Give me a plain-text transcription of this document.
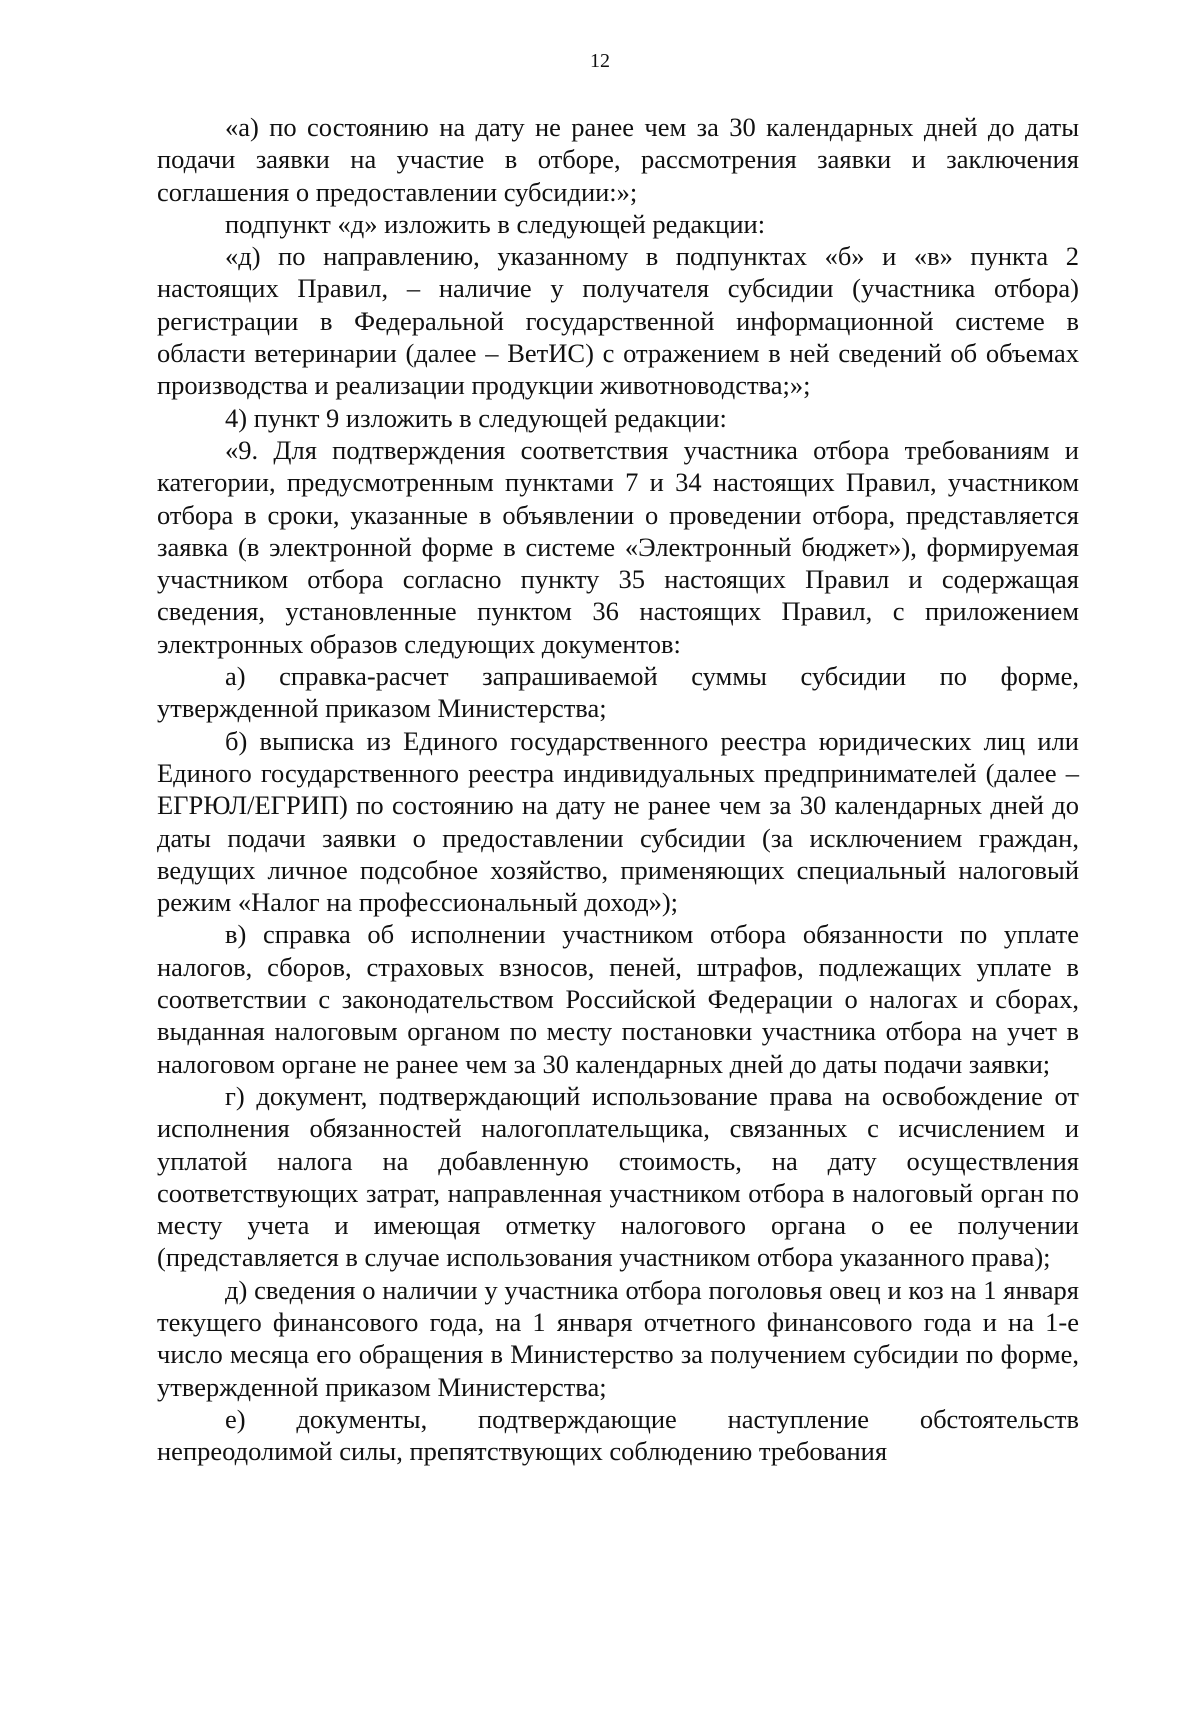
12

«а) по состоянию на дату не ранее чем за 30 календарных дней до даты подачи заявки на участие в отборе, рассмотрения заявки и заключения соглашения о предоставлении субсидии:»;

подпункт «д» изложить в следующей редакции:

«д) по направлению, указанному в подпунктах «б» и «в» пункта 2 настоящих Правил, – наличие у получателя субсидии (участника отбора) регистрации в Федеральной государственной информационной системе в области ветеринарии (далее – ВетИС) с отражением в ней сведений об объемах производства и реализации продукции животноводства;»;

4) пункт 9 изложить в следующей редакции:

«9. Для подтверждения соответствия участника отбора требованиям и категории, предусмотренным пунктами 7 и 34 настоящих Правил, участником отбора в сроки, указанные в объявлении о проведении отбора, представляется заявка (в электронной форме в системе «Электронный бюджет»), формируемая участником отбора согласно пункту 35 настоящих Правил и содержащая сведения, установленные пунктом 36 настоящих Правил, с приложением электронных образов следующих документов:

а) справка-расчет запрашиваемой суммы субсидии по форме, утвержденной приказом Министерства;

б) выписка из Единого государственного реестра юридических лиц или Единого государственного реестра индивидуальных предпринимателей (далее – ЕГРЮЛ/ЕГРИП) по состоянию на дату не ранее чем за 30 календарных дней до даты подачи заявки о предоставлении субсидии (за исключением граждан, ведущих личное подсобное хозяйство, применяющих специальный налоговый режим «Налог на профессиональный доход»);

в) справка об исполнении участником отбора обязанности по уплате налогов, сборов, страховых взносов, пеней, штрафов, подлежащих уплате в соответствии с законодательством Российской Федерации о налогах и сборах, выданная налоговым органом по месту постановки участника отбора на учет в налоговом органе не ранее чем за 30 календарных дней до даты подачи заявки;

г) документ, подтверждающий использование права на освобождение от исполнения обязанностей налогоплательщика, связанных с исчислением и уплатой налога на добавленную стоимость, на дату осуществления соответствующих затрат, направленная участником отбора в налоговый орган по месту учета и имеющая отметку налогового органа о ее получении (представляется в случае использования участником отбора указанного права);

д) сведения о наличии у участника отбора поголовья овец и коз на 1 января текущего финансового года, на 1 января отчетного финансового года и на 1-е число месяца его обращения в Министерство за получением субсидии по форме, утвержденной приказом Министерства;

е) документы, подтверждающие наступление обстоятельств непреодолимой силы, препятствующих соблюдению требования
